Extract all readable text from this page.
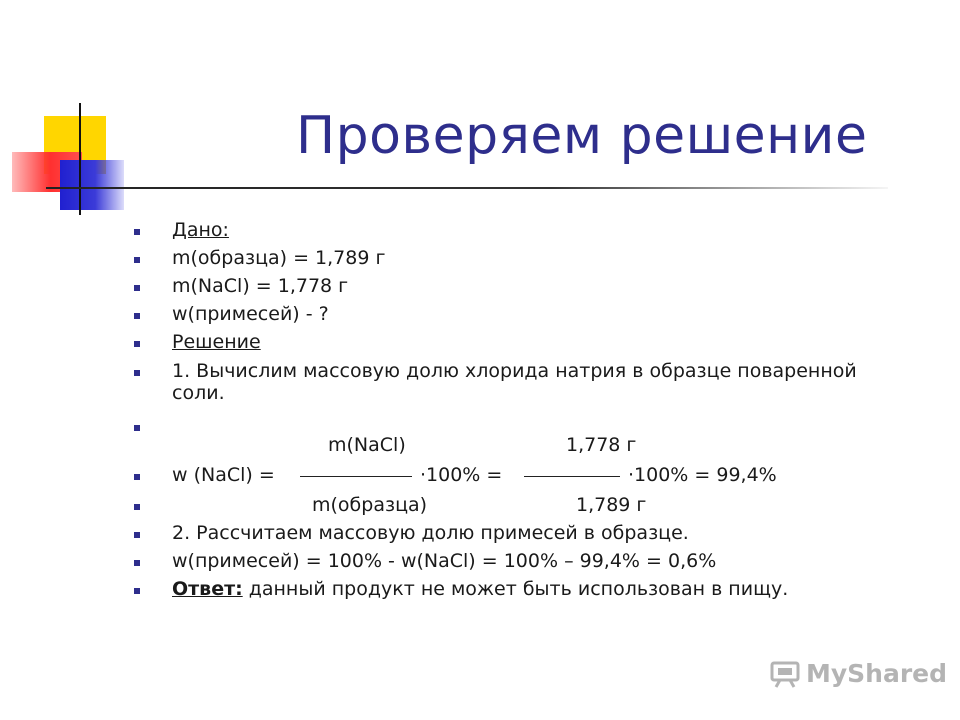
Проверяем решение
Дано:
m(образца) = 1,789 г
m(NaCl) = 1,778 г
w(примесей) - ?
Решение
1. Вычислим массовую долю хлорида натрия в образце поваренной
соли.
m(NaCl)	1,778 г
w (NaCl) =	·100% =	·100% = 99,4%
m(образца)	1,789 г
2. Рассчитаем массовую долю примесей в образце.
w(примесей) = 100% - w(NaCl) = 100% – 99,4% = 0,6%
Ответ: данный продукт не может быть использован в пищу.
MyShared
